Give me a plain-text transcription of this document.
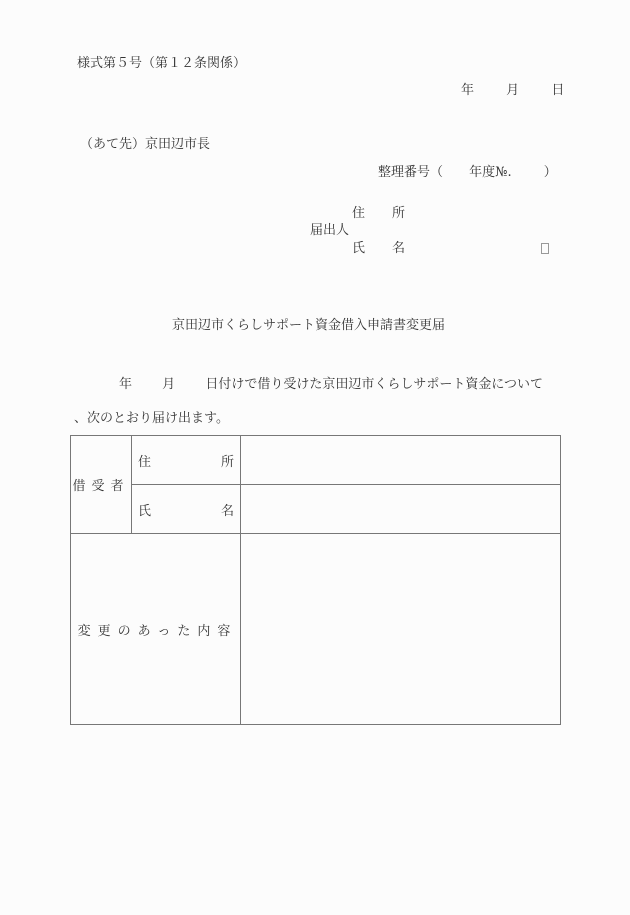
様式第５号（第１２条関係）
年 月 日
（あて先）京田辺市長
整理番号（ 年度№. ）
住 所
届出人
氏 名
京田辺市くらしサポート資金借入申請書変更届
年 月 日付けで借り受けた京田辺市くらしサポート資金について
、次のとおり届け出ます。
借受者	住 所	

	氏 名	

変更のあった内容		
